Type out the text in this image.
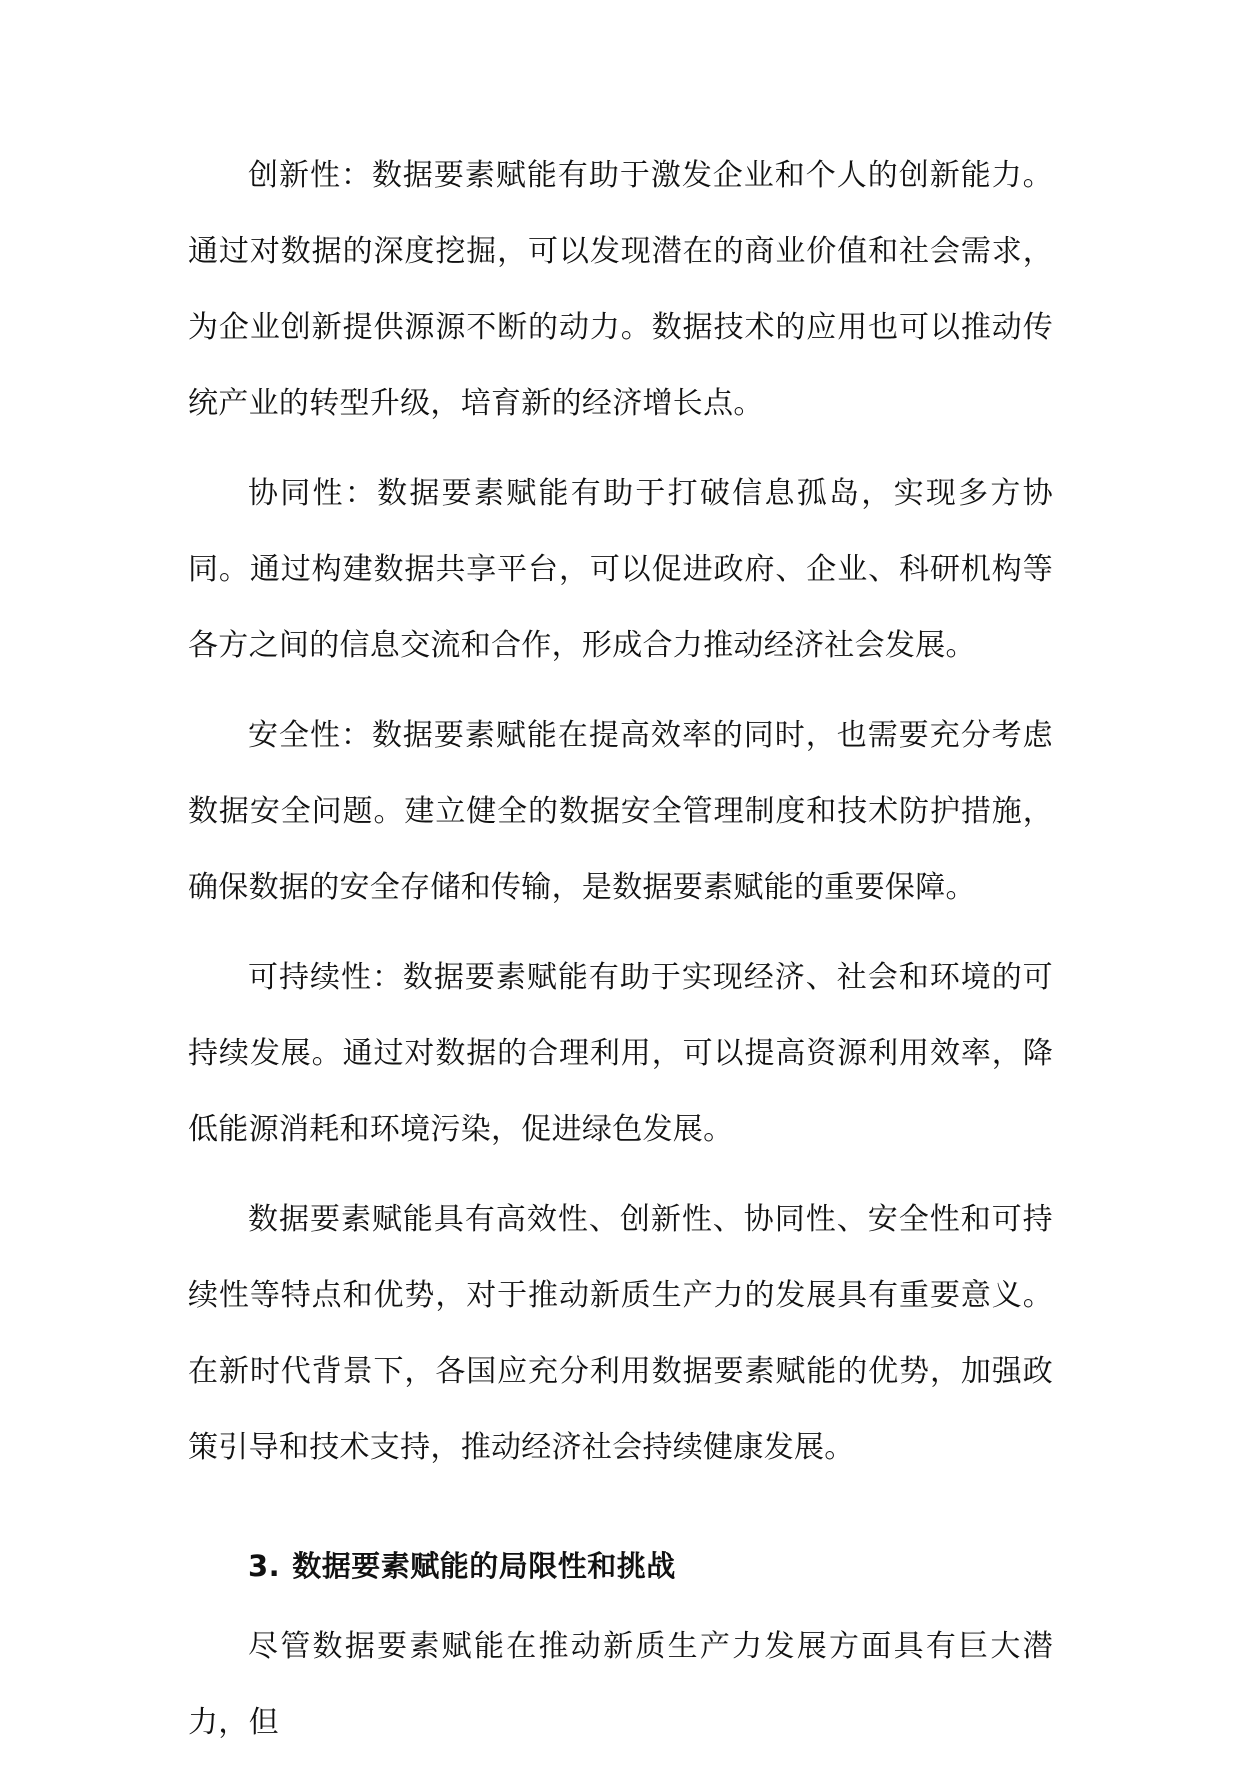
创新性：数据要素赋能有助于激发企业和个人的创新能力。通过对数据的深度挖掘，可以发现潜在的商业价值和社会需求，为企业创新提供源源不断的动力。数据技术的应用也可以推动传统产业的转型升级，培育新的经济增长点。

协同性：数据要素赋能有助于打破信息孤岛，实现多方协同。通过构建数据共享平台，可以促进政府、企业、科研机构等各方之间的信息交流和合作，形成合力推动经济社会发展。

安全性：数据要素赋能在提高效率的同时，也需要充分考虑数据安全问题。建立健全的数据安全管理制度和技术防护措施，确保数据的安全存储和传输，是数据要素赋能的重要保障。

可持续性：数据要素赋能有助于实现经济、社会和环境的可持续发展。通过对数据的合理利用，可以提高资源利用效率，降低能源消耗和环境污染，促进绿色发展。

数据要素赋能具有高效性、创新性、协同性、安全性和可持续性等特点和优势，对于推动新质生产力的发展具有重要意义。在新时代背景下，各国应充分利用数据要素赋能的优势，加强政策引导和技术支持，推动经济社会持续健康发展。

3. 数据要素赋能的局限性和挑战

尽管数据要素赋能在推动新质生产力发展方面具有巨大潜力，但
